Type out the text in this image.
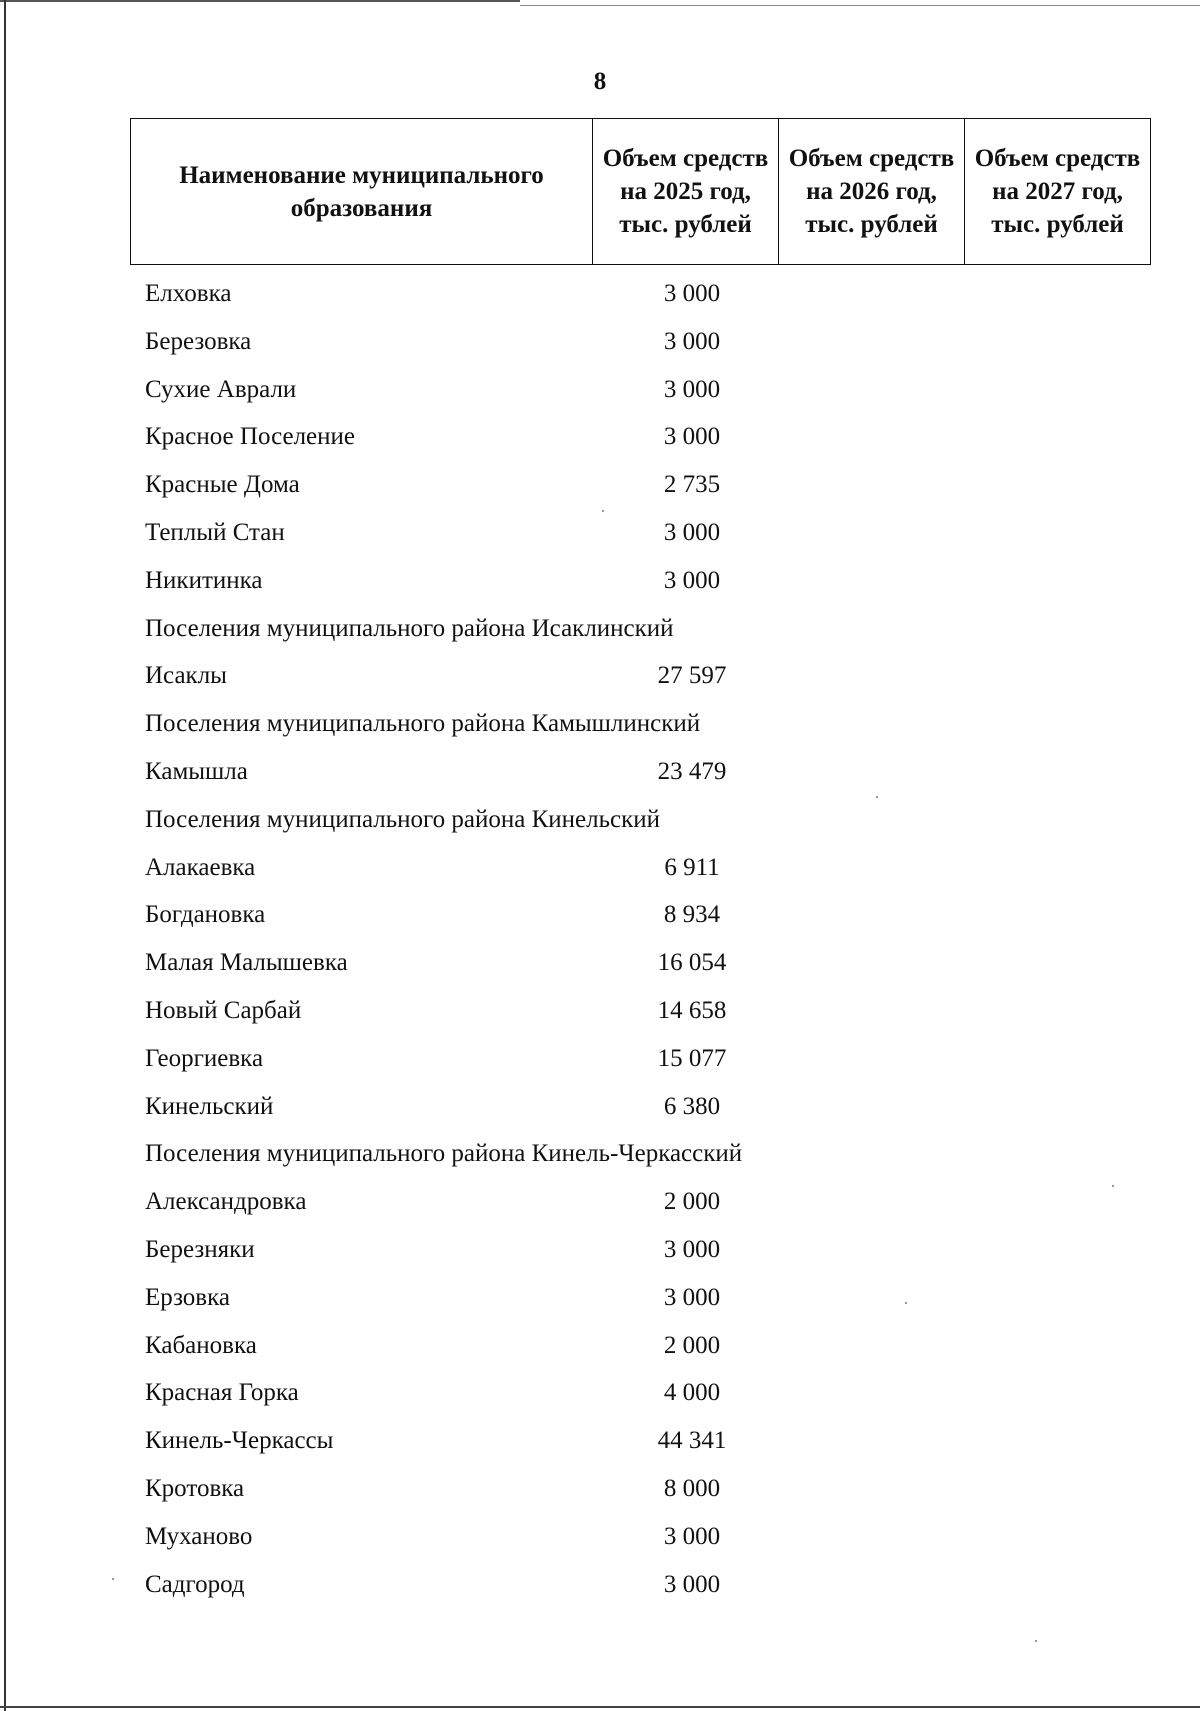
8
Наименование муниципального образования	Объем средств на 2025 год, тыс. рублей	Объем средств на 2026 год, тыс. рублей	Объем средств на 2027 год, тыс. рублей
Елховка	3 000
Березовка	3 000
Сухие Аврали	3 000
Красное Поселение	3 000
Красные Дома	2 735
Теплый Стан	3 000
Никитинка	3 000
Поселения муниципального района Исаклинский
Исаклы	27 597
Поселения муниципального района Камышлинский
Камышла	23 479
Поселения муниципального района Кинельский
Алакаевка	6 911
Богдановка	8 934
Малая Малышевка	16 054
Новый Сарбай	14 658
Георгиевка	15 077
Кинельский	6 380
Поселения муниципального района Кинель-Черкасский
Александровка	2 000
Березняки	3 000
Ерзовка	3 000
Кабановка	2 000
Красная Горка	4 000
Кинель-Черкассы	44 341
Кротовка	8 000
Муханово	3 000
Садгород	3 000
